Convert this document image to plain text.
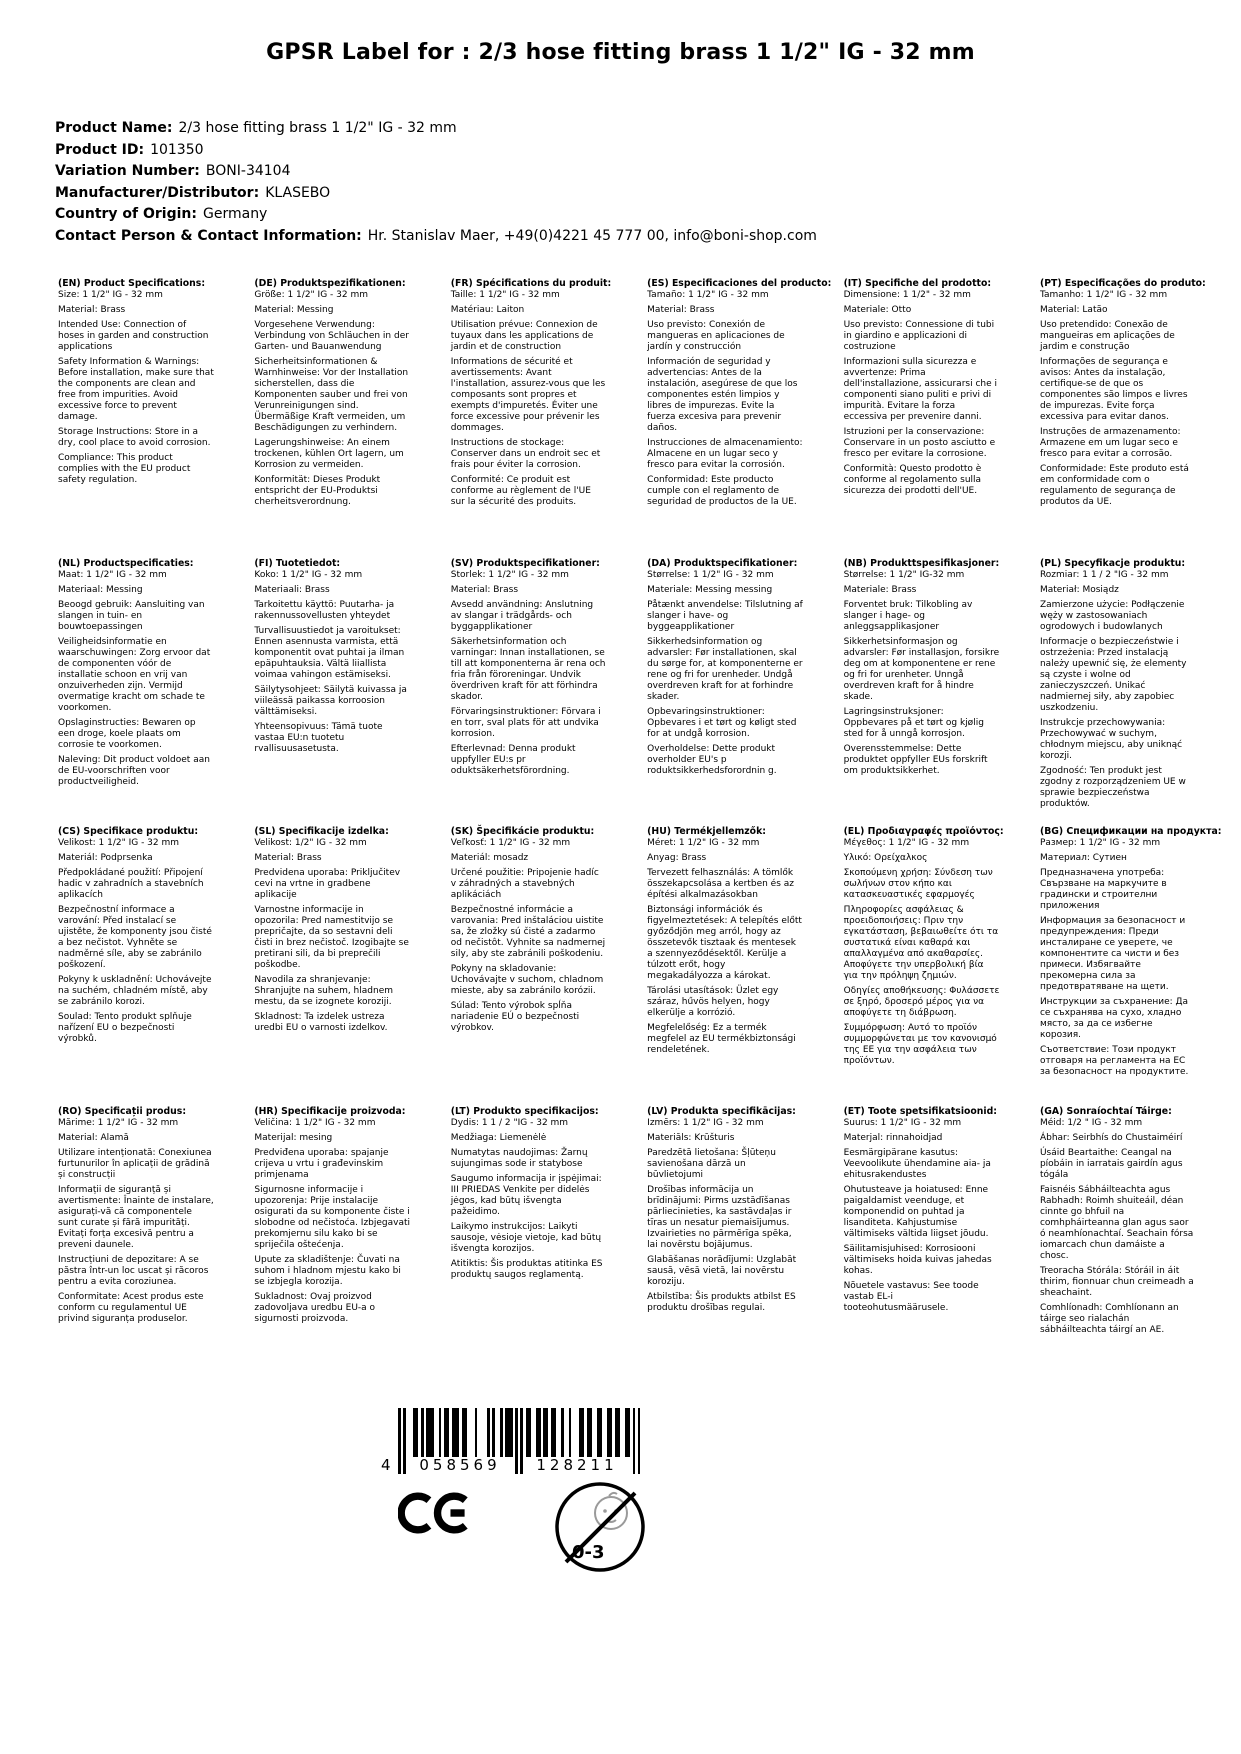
GPSR Label for : 2/3 hose fitting brass 1 1/2" IG - 32 mm
Product Name: 2/3 hose fitting brass 1 1/2" IG - 32 mm
Product ID: 101350
Variation Number: BONI-34104
Manufacturer/Distributor: KLASEBO
Country of Origin: Germany
Contact Person & Contact Information: Hr. Stanislav Maer, +49(0)4221 45 777 00, info@boni-shop.com
(EN) Product Specifications:

Size: 1 1/2" IG - 32 mm

Material: Brass

Intended Use: Connection of hoses in garden and construction applications

Safety Information & Warnings: Before installation, make sure that the components are clean and free from impurities. Avoid excessive force to prevent damage.

Storage Instructions: Store in a dry, cool place to avoid corrosion.

Compliance: This product complies with the EU product safety regulation.

(DE) Produktspezifikationen:

Größe: 1 1/2" IG - 32 mm

Material: Messing

Vorgesehene Verwendung: Verbindung von Schläuchen in der Garten- und Bauanwendung

Sicherheitsinformationen & Warnhinweise: Vor der Installation sicherstellen, dass die Komponenten sauber und frei von Verunreinigungen sind. Übermäßige Kraft vermeiden, um Beschädigungen zu verhindern.

Lagerungshinweise: An einem trockenen, kühlen Ort lagern, um Korrosion zu vermeiden.

Konformität: Dieses Produkt entspricht der EU-Produktsi cherheitsverordnung.

(FR) Spécifications du produit:

Taille: 1 1/2" IG - 32 mm

Matériau: Laiton

Utilisation prévue: Connexion de tuyaux dans les applications de jardin et de construction

Informations de sécurité et avertissements: Avant l'installation, assurez-vous que les composants sont propres et exempts d'impuretés. Éviter une force excessive pour prévenir les dommages.

Instructions de stockage: Conserver dans un endroit sec et frais pour éviter la corrosion.

Conformité: Ce produit est conforme au règlement de l'UE sur la sécurité des produits.

(ES) Especificaciones del producto:

Tamaño: 1 1/2" IG - 32 mm

Material: Brass

Uso previsto: Conexión de mangueras en aplicaciones de jardín y construcción

Información de seguridad y advertencias: Antes de la instalación, asegúrese de que los componentes estén limpios y libres de impurezas. Evite la fuerza excesiva para prevenir daños.

Instrucciones de almacenamiento: Almacene en un lugar seco y fresco para evitar la corrosión.

Conformidad: Este producto cumple con el reglamento de seguridad de productos de la UE.

(IT) Specifiche del prodotto:

Dimensione: 1 1/2" - 32 mm

Materiale: Otto

Uso previsto: Connessione di tubi in giardino e applicazioni di costruzione

Informazioni sulla sicurezza e avvertenze: Prima dell'installazione, assicurarsi che i componenti siano puliti e privi di impurità. Evitare la forza eccessiva per prevenire danni.

Istruzioni per la conservazione: Conservare in un posto asciutto e fresco per evitare la corrosione.

Conformità: Questo prodotto è conforme al regolamento sulla sicurezza dei prodotti dell'UE.

(PT) Especificações do produto:

Tamanho: 1 1/2" IG - 32 mm

Material: Latão

Uso pretendido: Conexão de mangueiras em aplicações de jardim e construção

Informações de segurança e avisos: Antes da instalação, certifique-se de que os componentes são limpos e livres de impurezas. Evite força excessiva para evitar danos.

Instruções de armazenamento: Armazene em um lugar seco e fresco para evitar a corrosão.

Conformidade: Este produto está em conformidade com o regulamento de segurança de produtos da UE.

(NL) Productspecificaties:

Maat: 1 1/2" IG - 32 mm

Materiaal: Messing

Beoogd gebruik: Aansluiting van slangen in tuin- en bouwtoepassingen

Veiligheidsinformatie en waarschuwingen: Zorg ervoor dat de componenten vóór de installatie schoon en vrij van onzuiverheden zijn. Vermijd overmatige kracht om schade te voorkomen.

Opslaginstructies: Bewaren op een droge, koele plaats om corrosie te voorkomen.

Naleving: Dit product voldoet aan de EU-voorschriften voor productveiligheid.

(FI) Tuotetiedot:

Koko: 1 1/2" IG - 32 mm

Materiaali: Brass

Tarkoitettu käyttö: Puutarha- ja rakennussovellusten yhteydet

Turvallisuustiedot ja varoitukset: Ennen asennusta varmista, että komponentit ovat puhtai ja ilman epäpuhtauksia. Vältä liiallista voimaa vahingon estämiseksi.

Säilytysohjeet: Säilytä kuivassa ja viileässä paikassa korroosion välttämiseksi.

Yhteensopivuus: Tämä tuote vastaa EU:n tuotetu rvallisuusasetusta.

(SV) Produktspecifikationer:

Storlek: 1 1/2" IG - 32 mm

Material: Brass

Avsedd användning: Anslutning av slangar i trädgårds- och byggapplikationer

Säkerhetsinformation och varningar: Innan installationen, se till att komponenterna är rena och fria från föroreningar. Undvik överdriven kraft för att förhindra skador.

Förvaringsinstruktioner: Förvara i en torr, sval plats för att undvika korrosion.

Efterlevnad: Denna produkt uppfyller EU:s pr oduktsäkerhetsförordning.

(DA) Produktspecifikationer:

Størrelse: 1 1/2" IG - 32 mm

Materiale: Messing messing

Påtænkt anvendelse: Tilslutning af slanger i have- og byggeapplikationer

Sikkerhedsinformation og advarsler: Før installationen, skal du sørge for, at komponenterne er rene og fri for urenheder. Undgå overdreven kraft for at forhindre skader.

Opbevaringsinstruktioner: Opbevares i et tørt og køligt sted for at undgå korrosion.

Overholdelse: Dette produkt overholder EU's p roduktsikkerhedsforordnin g.

(NB) Produkttspesifikasjoner:

Størrelse: 1 1/2" IG-32 mm

Materiale: Brass

Forventet bruk: Tilkobling av slanger i hage- og anleggsapplikasjoner

Sikkerhetsinformasjon og advarsler: Før installasjon, forsikre deg om at komponentene er rene og fri for urenheter. Unngå overdreven kraft for å hindre skade.

Lagringsinstruksjoner: Oppbevares på et tørt og kjølig sted for å unngå korrosjon.

Overensstemmelse: Dette produktet oppfyller EUs forskrift om produktsikkerhet.

(PL) Specyfikacje produktu:

Rozmiar: 1 1 / 2 "IG - 32 mm

Materiał: Mosiądz

Zamierzone użycie: Podłączenie węży w zastosowaniach ogrodowych i budowlanych

Informacje o bezpieczeństwie i ostrzeżenia: Przed instalacją należy upewnić się, że elementy są czyste i wolne od zanieczyszczeń. Unikać nadmiernej siły, aby zapobiec uszkodzeniu.

Instrukcje przechowywania: Przechowywać w suchym, chłodnym miejscu, aby uniknąć korozji.

Zgodność: Ten produkt jest zgodny z rozporządzeniem UE w sprawie bezpieczeństwa produktów.

(CS) Specifikace produktu:

Velikost: 1 1/2" IG - 32 mm

Materiál: Podprsenka

Předpokládané použití: Připojení hadic v zahradních a stavebních aplikacích

Bezpečnostní informace a varování: Před instalací se ujistěte, že komponenty jsou čisté a bez nečistot. Vyhněte se nadměrné síle, aby se zabránilo poškození.

Pokyny k uskladnění: Uchovávejte na suchém, chladném místě, aby se zabránilo korozi.

Soulad: Tento produkt splňuje nařízení EU o bezpečnosti výrobků.

(SL) Specifikacije izdelka:

Velikost: 1/2" IG - 32 mm

Material: Brass

Predvidena uporaba: Priključitev cevi na vrtne in gradbene aplikacije

Varnostne informacije in opozorila: Pred namestitvijo se prepričajte, da so sestavni deli čisti in brez nečistoč. Izogibajte se pretirani sili, da bi preprečili poškodbe.

Navodila za shranjevanje: Shranjujte na suhem, hladnem mestu, da se izognete koroziji.

Skladnost: Ta izdelek ustreza uredbi EU o varnosti izdelkov.

(SK) Špecifikácie produktu:

Veľkosť: 1 1/2" IG - 32 mm

Materiál: mosadz

Určené použitie: Pripojenie hadíc v záhradných a stavebných aplikáciách

Bezpečnostné informácie a varovania: Pred inštaláciou uistite sa, že zložky sú čisté a zadarmo od nečistôt. Vyhnite sa nadmernej sily, aby ste zabránili poškodeniu.

Pokyny na skladovanie: Uchovávajte v suchom, chladnom mieste, aby sa zabránilo korózii.

Súlad: Tento výrobok spĺňa nariadenie EÚ o bezpečnosti výrobkov.

(HU) Termékjellemzők:

Méret: 1 1/2" IG - 32 mm

Anyag: Brass

Tervezett felhasználás: A tömlők összekapcsolása a kertben és az építési alkalmazásokban

Biztonsági információk és figyelmeztetések: A telepítés előtt győződjön meg arról, hogy az összetevők tisztaak és mentesek a szennyeződésektől. Kerülje a túlzott erőt, hogy megakadályozza a károkat.

Tárolási utasítások: Üzlet egy száraz, hűvös helyen, hogy elkerülje a korrózió.

Megfelelőség: Ez a termék megfelel az EU termékbiztonsági rendeletének.

(EL) Προδιαγραφές προϊόντος:

Μέγεθος: 1 1/2" IG - 32 mm

Υλικό: Ορείχαλκος

Σκοπούμενη χρήση: Σύνδεση των σωλήνων στον κήπο και κατασκευαστικές εφαρμογές

Πληροφορίες ασφάλειας & προειδοποιήσεις: Πριν την εγκατάσταση, βεβαιωθείτε ότι τα συστατικά είναι καθαρά και απαλλαγμένα από ακαθαρσίες. Αποφύγετε την υπερβολική βία για την πρόληψη ζημιών.

Οδηγίες αποθήκευσης: Φυλάσσετε σε ξηρό, δροσερό μέρος για να αποφύγετε τη διάβρωση.

Συμμόρφωση: Αυτό το προϊόν συμμορφώνεται με τον κανονισμό της ΕΕ για την ασφάλεια των προϊόντων.

(BG) Спецификации на продукта:

Размер: 1 1/2" IG - 32 mm

Материал: Сутиен

Предназначена употреба: Свързване на маркучите в градински и строителни приложения

Информация за безопасност и предупреждения: Преди инсталиране се уверете, че компонентите са чисти и без примеси. Избягвайте прекомерна сила за предотвратяване на щети.

Инструкции за съхранение: Да се съхранява на сухо, хладно място, за да се избегне корозия.

Съответствие: Този продукт отговаря на регламента на ЕС за безопасност на продуктите.

(RO) Specificații produs:

Mărime: 1 1/2" IG - 32 mm

Material: Alamă

Utilizare intenționată: Conexiunea furtunurilor în aplicații de grădină și construcții

Informații de siguranță și avertismente: Înainte de instalare, asigurați-vă că componentele sunt curate și fără impurități. Evitați forța excesivă pentru a preveni daunele.

Instrucțiuni de depozitare: A se păstra într-un loc uscat și răcoros pentru a evita coroziunea.

Conformitate: Acest produs este conform cu regulamentul UE privind siguranța produselor.

(HR) Specifikacije proizvoda:

Veličina: 1 1/2" IG - 32 mm

Materijal: mesing

Predviđena uporaba: spajanje crijeva u vrtu i građevinskim primjenama

Sigurnosne informacije i upozorenja: Prije instalacije osigurati da su komponente čiste i slobodne od nečistoća. Izbjegavati prekomjernu silu kako bi se spriječila oštećenja.

Upute za skladištenje: Čuvati na suhom i hladnom mjestu kako bi se izbjegla korozija.

Sukladnost: Ovaj proizvod zadovoljava uredbu EU-a o sigurnosti proizvoda.

(LT) Produkto specifikacijos:

Dydis: 1 1 / 2 "IG - 32 mm

Medžiaga: Liemenėlė

Numatytas naudojimas: Žarnų sujungimas sode ir statybose

Saugumo informacija ir įspėjimai: III PRIEDAS Venkite per didelės jėgos, kad būtų išvengta pažeidimo.

Laikymo instrukcijos: Laikyti sausoje, vėsioje vietoje, kad būtų išvengta korozijos.

Atitiktis: Šis produktas atitinka ES produktų saugos reglamentą.

(LV) Produkta specifikācijas:

Izmērs: 1 1/2" IG - 32 mm

Materiāls: Krūšturis

Paredzētā lietošana: Šļūteņu savienošana dārzā un būvlietojumi

Drošības informācija un brīdinājumi: Pirms uzstādīšanas pārliecinieties, ka sastāvdaļas ir tīras un nesatur piemaisījumus. Izvairieties no pārmērīga spēka, lai novērstu bojājumus.

Glabāšanas norādījumi: Uzglabāt sausā, vēsā vietā, lai novērstu koroziju.

Atbilstība: Šis produkts atbilst ES produktu drošības regulai.

(ET) Toote spetsifikatsioonid:

Suurus: 1 1/2" IG - 32 mm

Materjal: rinnahoidjad

Eesmärgipärane kasutus: Veevoolikute ühendamine aia- ja ehitusrakendustes

Ohutusteave ja hoiatused: Enne paigaldamist veenduge, et komponendid on puhtad ja lisanditeta. Kahjustumise vältimiseks vältida liigset jõudu.

Säilitamisjuhised: Korrosiooni vältimiseks hoida kuivas jahedas kohas.

Nõuetele vastavus: See toode vastab EL-i tooteohutusmäärusele.

(GA) Sonraíochtaí Táirge:

Méid: 1/2 " IG - 32 mm

Ábhar: Seirbhís do Chustaiméirí

Úsáid Beartaithe: Ceangal na píobáin in iarratais gairdín agus tógála

Faisnéis Sábháilteachta agus Rabhadh: Roimh shuiteáil, déan cinnte go bhfuil na comhpháirteanna glan agus saor ó neamhíonachtaí. Seachain fórsa iomarcach chun damáiste a chosc.

Treoracha Stórála: Stóráil in áit thirim, fionnuar chun creimeadh a sheachaint.

Comhlíonadh: Comhlíonann an táirge seo rialachán sábháilteachta táirgí an AE.

4	058569	128211
0-3
